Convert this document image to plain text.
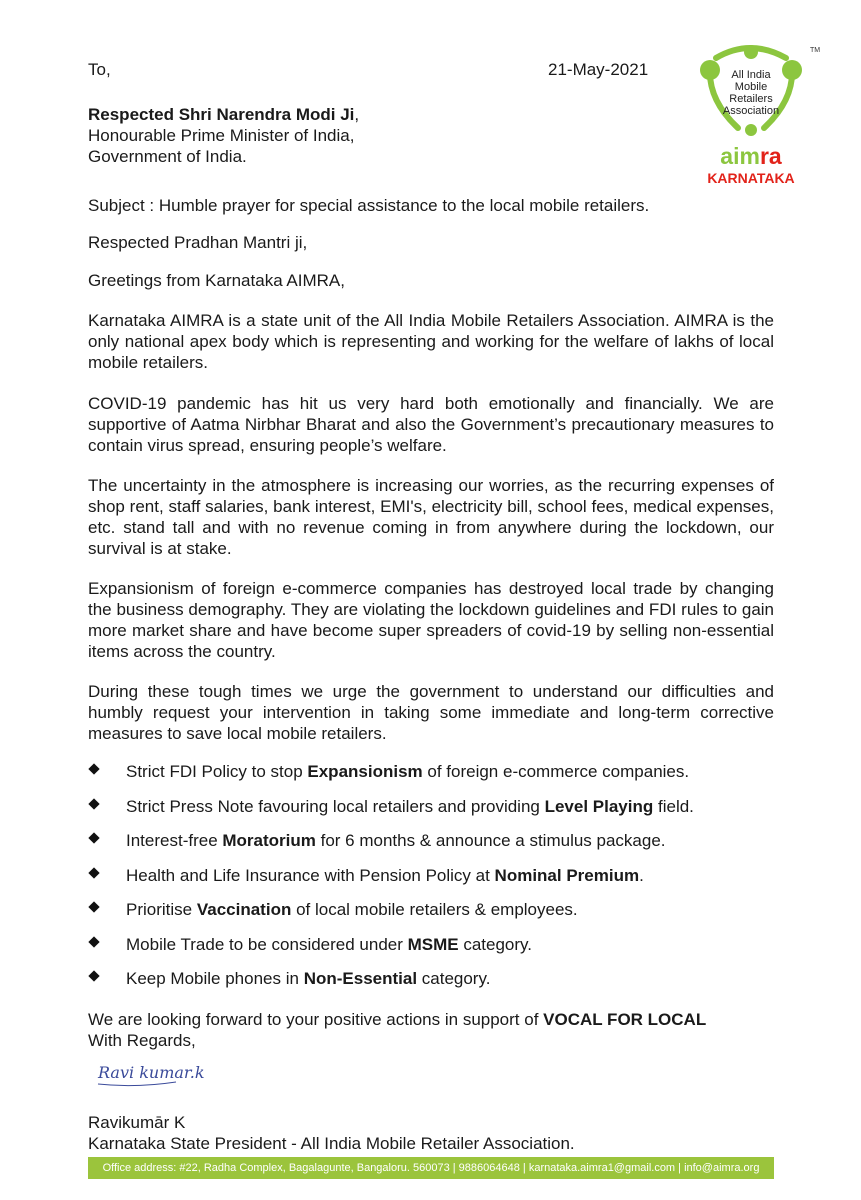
To,	21-May-2021
TM
All India
Mobile
Retailers
Association
aimra
KARNATAKA
Respected Shri Narendra Modi Ji,
Honourable Prime Minister of India,
Government of India.
Subject : Humble prayer for special assistance to the local mobile retailers.
Respected Pradhan Mantri ji,
Greetings from Karnataka AIMRA,
Karnataka AIMRA is a state unit of the All India Mobile Retailers Association. AIMRA is the only national apex body which is representing and working for the welfare of lakhs of local mobile retailers.
COVID-19 pandemic has hit us very hard both emotionally and financially. We are supportive of Aatma Nirbhar Bharat and also the Government’s precautionary measures to contain virus spread, ensuring people’s welfare.
The uncertainty in the atmosphere is increasing our worries, as the recurring expenses of shop rent, staff salaries, bank interest, EMI's, electricity bill, school fees, medical expenses, etc. stand tall and with no revenue coming in from anywhere during the lockdown, our survival is at stake.
Expansionism of foreign e-commerce companies has destroyed local trade by changing the business demography. They are violating the lockdown guidelines and FDI rules to gain more market share and have become super spreaders of covid-19 by selling non-essential items across the country.
During these tough times we urge the government to understand our difficulties and humbly request your intervention in taking some immediate and long-term corrective measures to save local mobile retailers.
Strict FDI Policy to stop Expansionism of foreign e-commerce companies.
Strict Press Note favouring local retailers and providing Level Playing field.
Interest-free Moratorium for 6 months & announce a stimulus package.
Health and Life Insurance with Pension Policy at Nominal Premium.
Prioritise Vaccination of local mobile retailers & employees.
Mobile Trade to be considered under MSME category.
Keep Mobile phones in Non-Essential category.
We are looking forward to your positive actions in support of VOCAL FOR LOCAL
With Regards,
Ravi kumar.k
Ravikumār K
Karnataka State President - All India Mobile Retailer Association.
Office address: #22, Radha Complex, Bagalagunte, Bangaloru. 560073 | 9886064648 | karnataka.aimra1@gmail.com | info@aimra.org
